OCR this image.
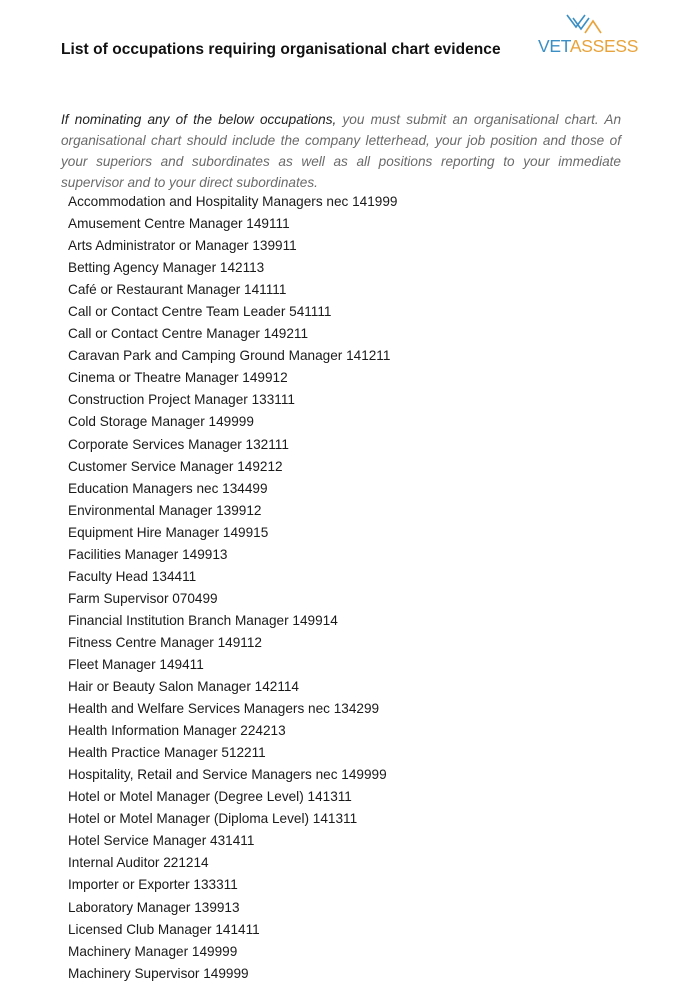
List of occupations requiring organisational chart evidence VETASSESS

If nominating any of the below occupations, you must submit an organisational chart. An organisational chart should include the company letterhead, your job position and those of your superiors and subordinates as well as all positions reporting to your immediate supervisor and to your direct subordinates.

Accommodation and Hospitality Managers nec 141999
Amusement Centre Manager 149111
Arts Administrator or Manager 139911
Betting Agency Manager 142113
Café or Restaurant Manager 141111
Call or Contact Centre Team Leader 541111
Call or Contact Centre Manager 149211
Caravan Park and Camping Ground Manager 141211
Cinema or Theatre Manager 149912
Construction Project Manager 133111
Cold Storage Manager 149999
Corporate Services Manager 132111
Customer Service Manager 149212
Education Managers nec 134499
Environmental Manager 139912
Equipment Hire Manager 149915
Facilities Manager 149913
Faculty Head 134411
Farm Supervisor 070499
Financial Institution Branch Manager 149914
Fitness Centre Manager 149112
Fleet Manager 149411
Hair or Beauty Salon Manager 142114
Health and Welfare Services Managers nec 134299
Health Information Manager 224213
Health Practice Manager 512211
Hospitality, Retail and Service Managers nec 149999
Hotel or Motel Manager (Degree Level) 141311
Hotel or Motel Manager (Diploma Level) 141311
Hotel Service Manager 431411
Internal Auditor 221214
Importer or Exporter 133311
Laboratory Manager 139913
Licensed Club Manager 141411
Machinery Manager 149999
Machinery Supervisor 149999
